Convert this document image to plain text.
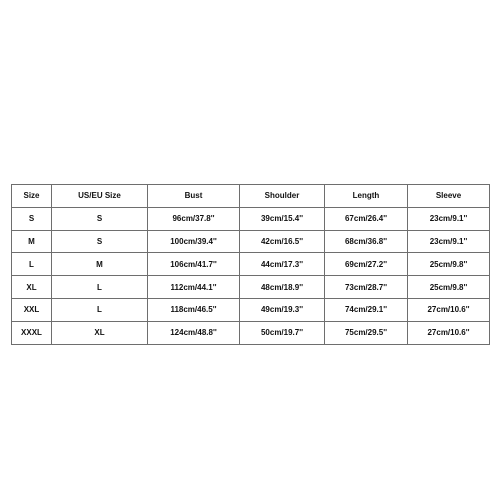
Size	US/EU Size	Bust	Shoulder	Length	Sleeve
S	S	96cm/37.8''	39cm/15.4''	67cm/26.4''	23cm/9.1''
M	S	100cm/39.4''	42cm/16.5''	68cm/36.8''	23cm/9.1''
L	M	106cm/41.7''	44cm/17.3''	69cm/27.2''	25cm/9.8''
XL	L	112cm/44.1''	48cm/18.9''	73cm/28.7''	25cm/9.8''
XXL	L	118cm/46.5''	49cm/19.3''	74cm/29.1''	27cm/10.6''
XXXL	XL	124cm/48.8''	50cm/19.7''	75cm/29.5''	27cm/10.6''
